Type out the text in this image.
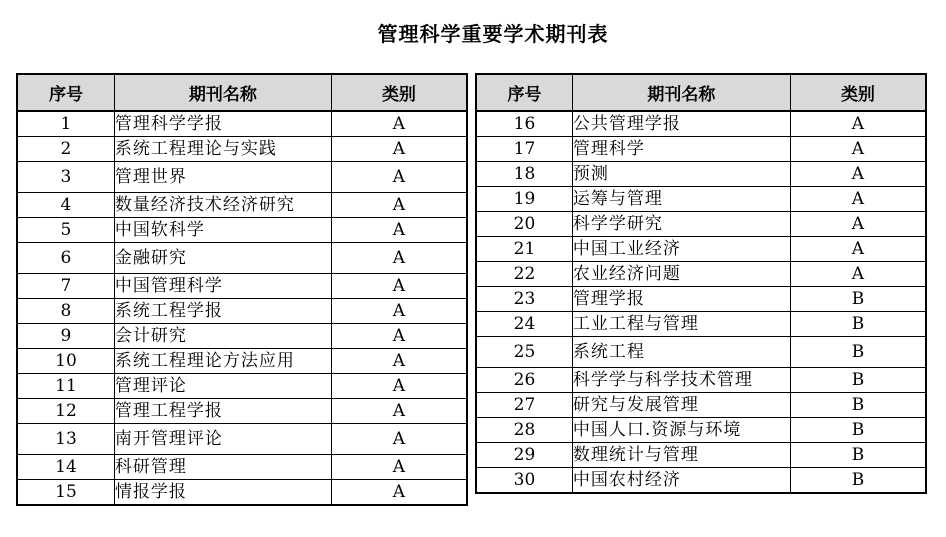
管理科学重要学术期刊表
序号	期刊名称	类别
1	管理科学学报	A
2	系统工程理论与实践	A
3	管理世界	A
4	数量经济技术经济研究	A
5	中国软科学	A
6	金融研究	A
7	中国管理科学	A
8	系统工程学报	A
9	会计研究	A
10	系统工程理论方法应用	A
11	管理评论	A
12	管理工程学报	A
13	南开管理评论	A
14	科研管理	A
15	情报学报	A
序号	期刊名称	类别
16	公共管理学报	A
17	管理科学	A
18	预测	A
19	运筹与管理	A
20	科学学研究	A
21	中国工业经济	A
22	农业经济问题	A
23	管理学报	B
24	工业工程与管理	B
25	系统工程	B
26	科学学与科学技术管理	B
27	研究与发展管理	B
28	中国人口.资源与环境	B
29	数理统计与管理	B
30	中国农村经济	B
